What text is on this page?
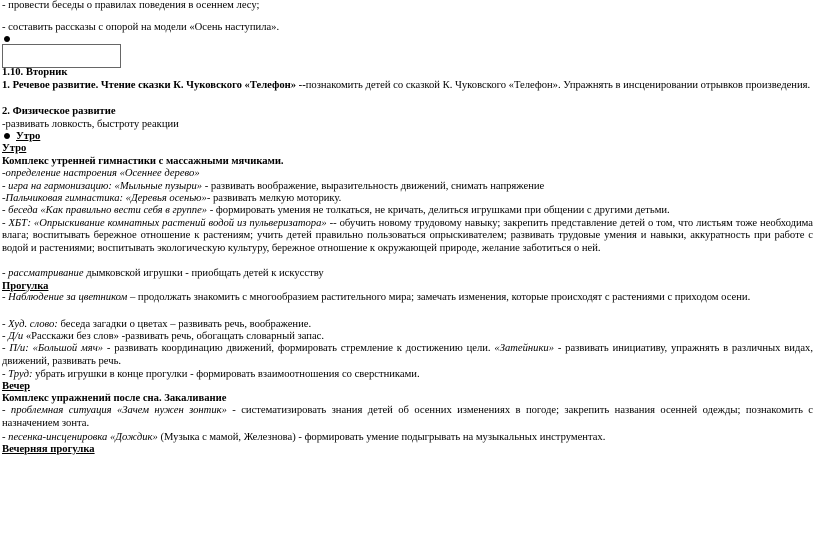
- провести беседы о правилах поведения в осеннем лесу;
- составить рассказы с опорой на модели «Осень наступила».
1.10. Вторник
1. Речевое развитие. Чтение сказки К. Чуковского «Телефон» --познакомить детей со сказкой К. Чуковского «Телефон». Упражнять в инсценировании отрывков произведения.
2. Физическое развитие
-развивать ловкость, быстроту реакции
Утро
Утро
Комплекс утренней гимнастики с массажными мячиками.
-определение настроения «Осеннее дерево»
- игра на гармонизацию: «Мыльные пузыри» - развивать воображение, выразительность движений, снимать напряжение
-Пальчиковая гимнастика: «Деревья осенью»- развивать мелкую моторику.
- беседа «Как правильно вести себя в группе» - формировать умения не толкаться, не кричать, делиться игрушками при общении с другими детьми.
- ХБТ: «Опрыскивание комнатных растений водой из пульверизатора» -- обучить новому трудовому навыку; закрепить представление детей о том, что листьям тоже необходима влага; воспитывать бережное отношение к растениям; учить детей правильно пользоваться опрыскивателем; развивать трудовые умения и навыки, аккуратность при работе с водой и растениями; воспитывать экологическую культуру, бережное отношение к окружающей природе, желание заботиться о ней.
- рассматривание дымковской игрушки - приобщать детей к искусству
Прогулка
- Наблюдение за цветником – продолжать знакомить с многообразием растительного мира; замечать изменения, которые происходят с растениями с приходом осени.
- Худ. слово: беседа загадки о цветах – развивать речь, воображение.
- Д/и «Расскажи без слов» -развивать речь, обогащать словарный запас.
- П/и: «Большой мяч» - развивать координацию движений, формировать стремление к достижению цели. «Затейники» - развивать инициативу, упражнять в различных видах, движений, развивать речь.
- Труд: убрать игрушки в конце прогулки - формировать взаимоотношения со сверстниками.
Вечер
Комплекс упражнений после сна. Закаливание
- проблемная ситуация «Зачем нужен зонтик» - систематизировать знания детей об осенних изменениях в погоде; закрепить названия осенней одежды; познакомить с назначением зонта.
- песенка-инсценировка «Дождик» (Музыка с мамой, Железнова) - формировать умение подыгрывать на музыкальных инструментах.
Вечерняя прогулка
